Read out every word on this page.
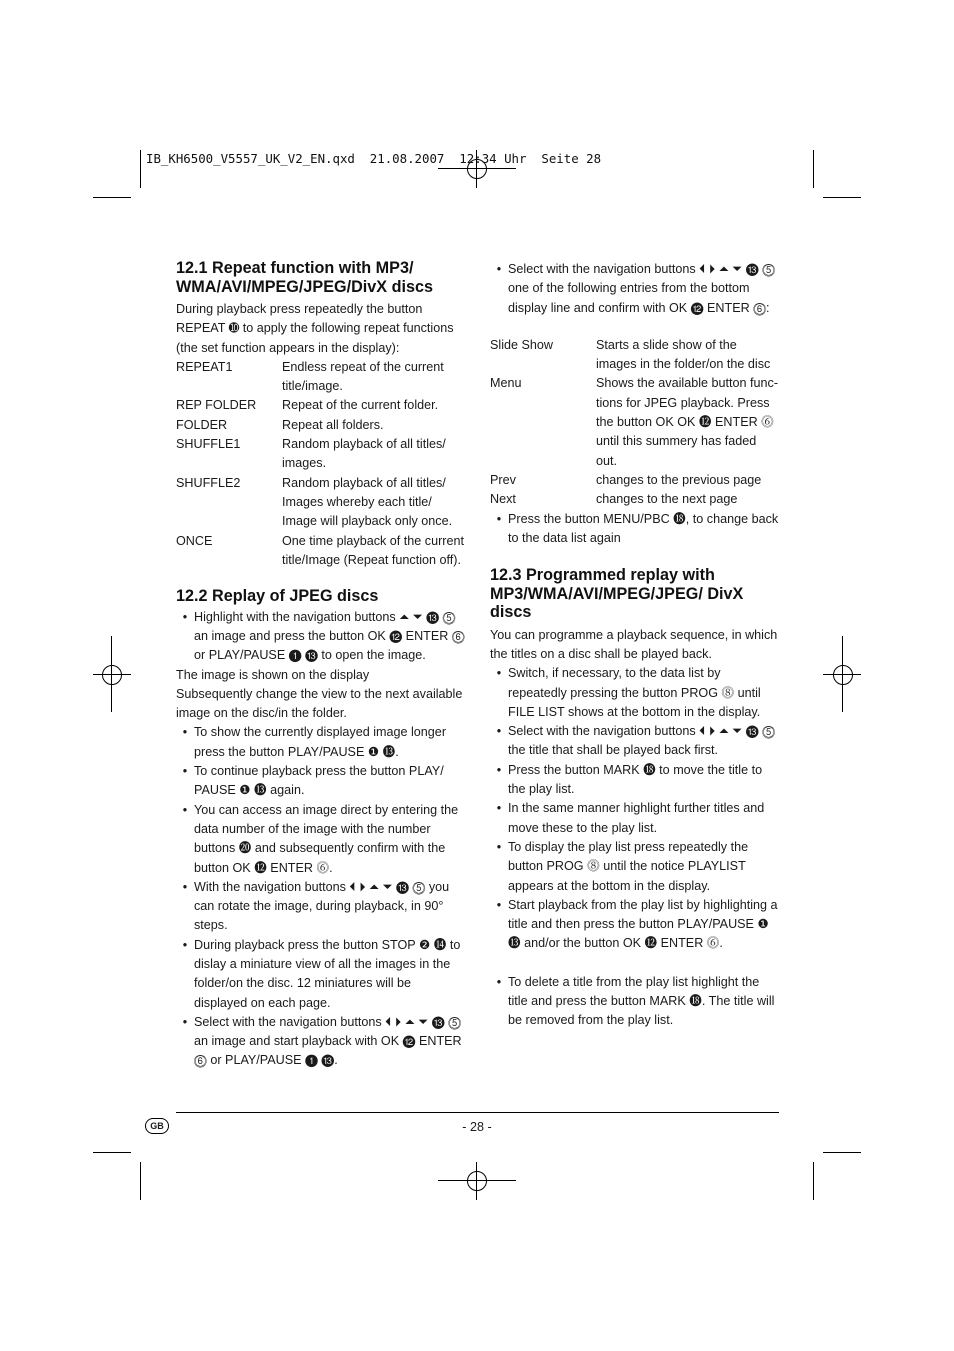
IB_KH6500_V5557_UK_V2_EN.qxd  21.08.2007  12:34 Uhr  Seite 28
12.1 Repeat function with MP3/ WMA/AVI/MPEG/JPEG/DivX discs

During playback press repeatedly the button REPEAT ➓ to apply the following repeat functions (the set function appears in the display):

REPEAT1	Endless repeat of the current title/image.
REP FOLDER	Repeat of the current folder.
FOLDER	Repeat all folders.
SHUFFLE1	Random playback of all titles/ images.
SHUFFLE2	Random playback of all titles/ Images whereby each title/ Image will playback only once.
ONCE	One time playback of the current title/Image (Repeat function off).
12.2 Replay of JPEG discs
• Highlight with the navigation buttons ⏶ ⏷ ⓭ ⓹ an image and press the button OK ⓬ ENTER ⓺ or PLAY/PAUSE ❶ ⓭ to open the image.

The image is shown on the display

Subsequently change the view to the next available image on the disc/in the folder.

• To show the currently displayed image longer press the button PLAY/PAUSE ❶ ⓭.
• To continue playback press the button PLAY/ PAUSE ❶ ⓭ again.
• You can access an image direct by entering the data number of the image with the number buttons ⓴ and subsequently confirm with the button OK ⓬ ENTER ⓺.
• With the navigation buttons ⏴ ⏵ ⏶ ⏷ ⓭ ⓹ you can rotate the image, during playback, in 90° steps.
• During playback press the button STOP ❷ ⓮ to dislay a miniature view of all the images in the folder/on the disc. 12 miniatures will be displayed on each page.
• Select with the navigation buttons ⏴ ⏵ ⏶ ⏷ ⓭ ⓹ an image and start playback with OK ⓬ ENTER ⓺ or PLAY/PAUSE ❶ ⓭.
• Select with the navigation buttons ⏴ ⏵ ⏶ ⏷ ⓭ ⓹ one of the following entries from the bottom display line and confirm with OK ⓬ ENTER ⓺:
Slide Show	Starts a slide show of the images in the folder/on the disc
Menu	Shows the available button func- tions for JPEG playback. Press the button OK OK ⓬ ENTER ⓺ until this summery has faded out.
Prev	changes to the previous page
Next	changes to the next page
• Press the button MENU/PBC ⓲, to change back to the data list again
12.3 Programmed replay with MP3/WMA/AVI/MPEG/JPEG/ DivX discs

You can programme a playback sequence, in which the titles on a disc shall be played back.

• Switch, if necessary, to the data list by repeatedly pressing the button PROG ⓼ until FILE LIST shows at the bottom in the display.
• Select with the navigation buttons ⏴ ⏵ ⏶ ⏷ ⓭ ⓹ the title that shall be played back first.
• Press the button MARK ⓲ to move the title to the play list.
• In the same manner highlight further titles and move these to the play list.
• To display the play list press repeatedly the button PROG ⓼ until the notice PLAYLIST appears at the bottom in the display.
• Start playback from the play list by highlighting a title and then press the button PLAY/PAUSE ❶ ⓭ and/or the button OK ⓬ ENTER ⓺.
• To delete a title from the play list highlight the title and press the button MARK ⓲. The title will be removed from the play list.
GB	- 28 -
